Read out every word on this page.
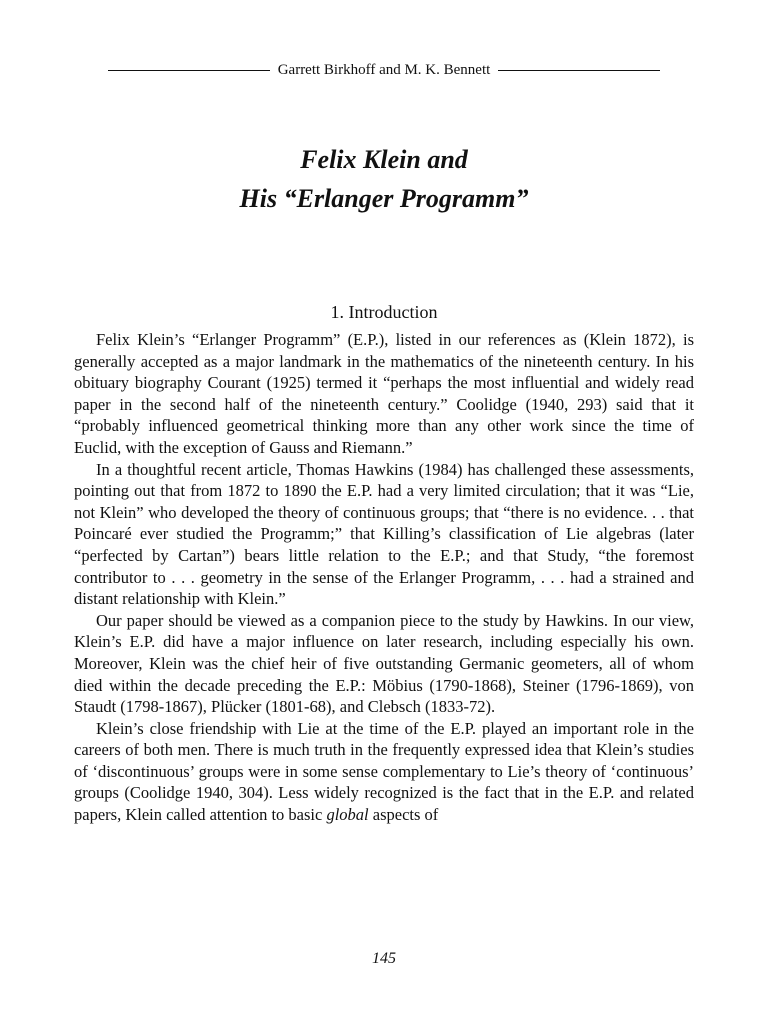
Garrett Birkhoff and M. K. Bennett
Felix Klein and
His “Erlanger Programm”
1. Introduction

Felix Klein’s “Erlanger Programm” (E.P.), listed in our references as (Klein 1872), is generally accepted as a major landmark in the mathematics of the nineteenth century. In his obituary biography Courant (1925) termed it “perhaps the most influential and widely read paper in the second half of the nineteenth century.” Coolidge (1940, 293) said that it “probably influenced geometrical thinking more than any other work since the time of Euclid, with the exception of Gauss and Riemann.”

In a thoughtful recent article, Thomas Hawkins (1984) has challenged these assessments, pointing out that from 1872 to 1890 the E.P. had a very limited circulation; that it was “Lie, not Klein” who developed the theory of continuous groups; that “there is no evidence. . . that Poincaré ever studied the Programm;” that Killing’s classification of Lie algebras (later “perfected by Cartan”) bears little relation to the E.P.; and that Study, “the foremost contributor to . . . geometry in the sense of the Erlanger Programm, . . . had a strained and distant relationship with Klein.”

Our paper should be viewed as a companion piece to the study by Hawkins. In our view, Klein’s E.P. did have a major influence on later research, including especially his own. Moreover, Klein was the chief heir of five outstanding Germanic geometers, all of whom died within the decade preceding the E.P.: Möbius (1790-1868), Steiner (1796-1869), von Staudt (1798-1867), Plücker (1801-68), and Clebsch (1833-72).

Klein’s close friendship with Lie at the time of the E.P. played an important role in the careers of both men. There is much truth in the frequently expressed idea that Klein’s studies of ‘discontinuous’ groups were in some sense complementary to Lie’s theory of ‘continuous’ groups (Coolidge 1940, 304). Less widely recognized is the fact that in the E.P. and related papers, Klein called attention to basic global aspects of

145
